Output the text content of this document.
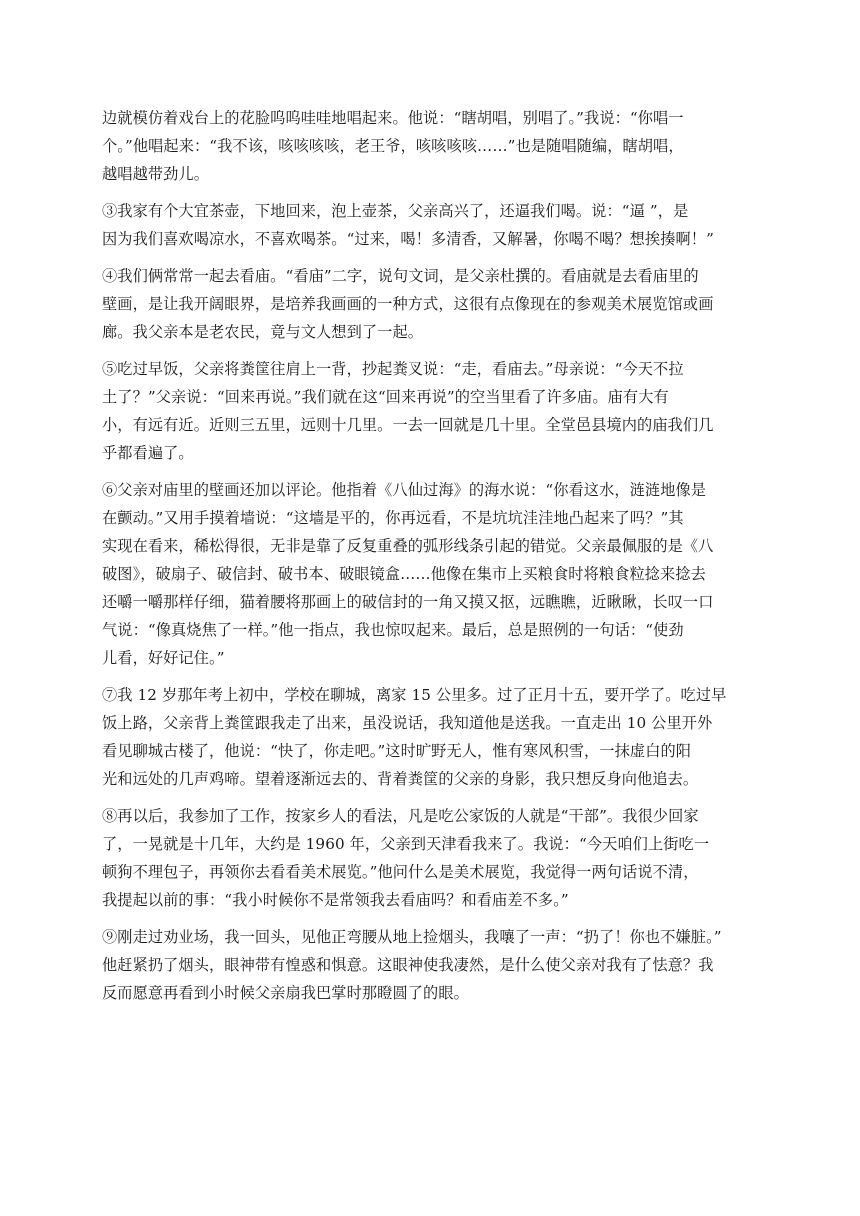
边就模仿着戏台上的花脸呜呜哇哇地唱起来。他说：“瞎胡唱，别唱了。”我说：“你唱一
个。”他唱起来：“我不该，咳咳咳咳，老王爷，咳咳咳咳……”也是随唱随编，瞎胡唱，
越唱越带劲儿。
③我家有个大宜茶壶，下地回来，泡上壶茶，父亲高兴了，还逼我们喝。说：“逼 ”，是
因为我们喜欢喝凉水，不喜欢喝茶。“过来，喝！多清香，又解暑，你喝不喝？想挨揍啊！”
④我们俩常常一起去看庙。“看庙”二字，说句文词，是父亲杜撰的。看庙就是去看庙里的
壁画，是让我开阔眼界，是培养我画画的一种方式，这很有点像现在的参观美术展览馆或画
廊。我父亲本是老农民，竟与文人想到了一起。
⑤吃过早饭，父亲将粪筐往肩上一背，抄起粪叉说：“走，看庙去。”母亲说：“今天不拉
土了？”父亲说：“回来再说。”我们就在这“回来再说”的空当里看了许多庙。庙有大有
小，有远有近。近则三五里，远则十几里。一去一回就是几十里。全堂邑县境内的庙我们几
乎都看遍了。
⑥父亲对庙里的壁画还加以评论。他指着《八仙过海》的海水说：“你看这水，涟涟地像是
在颤动。”又用手摸着墙说：“这墙是平的，你再远看，不是坑坑洼洼地凸起来了吗？”其
实现在看来，稀松得很，无非是靠了反复重叠的弧形线条引起的错觉。父亲最佩服的是《八
破图》，破扇子、破信封、破书本、破眼镜盒……他像在集市上买粮食时将粮食粒捻来捻去
还嚼一嚼那样仔细，猫着腰将那画上的破信封的一角又摸又抠，远瞧瞧，近瞅瞅，长叹一口
气说：“像真烧焦了一样。”他一指点，我也惊叹起来。最后，总是照例的一句话：“使劲
儿看，好好记住。”
⑦我 12 岁那年考上初中，学校在聊城，离家 15 公里多。过了正月十五，要开学了。吃过早
饭上路，父亲背上粪筐跟我走了出来，虽没说话，我知道他是送我。一直走出 10 公里开外
看见聊城古楼了，他说：“快了，你走吧。”这时旷野无人，惟有寒风积雪，一抹虚白的阳
光和远处的几声鸡啼。望着逐渐远去的、背着粪筐的父亲的身影，我只想反身向他追去。
⑧再以后，我参加了工作，按家乡人的看法，凡是吃公家饭的人就是“干部”。我很少回家
了，一晃就是十几年，大约是 1960 年，父亲到天津看我来了。我说：“今天咱们上街吃一
顿狗不理包子，再领你去看看美术展览。”他问什么是美术展览，我觉得一两句话说不清，
我提起以前的事：“我小时候你不是常领我去看庙吗？和看庙差不多。”
⑨刚走过劝业场，我一回头，见他正弯腰从地上捡烟头，我嚷了一声：“扔了！你也不嫌脏。”
他赶紧扔了烟头，眼神带有惶惑和惧意。这眼神使我凄然，是什么使父亲对我有了怯意？我
反而愿意再看到小时候父亲扇我巴掌时那瞪圆了的眼。
